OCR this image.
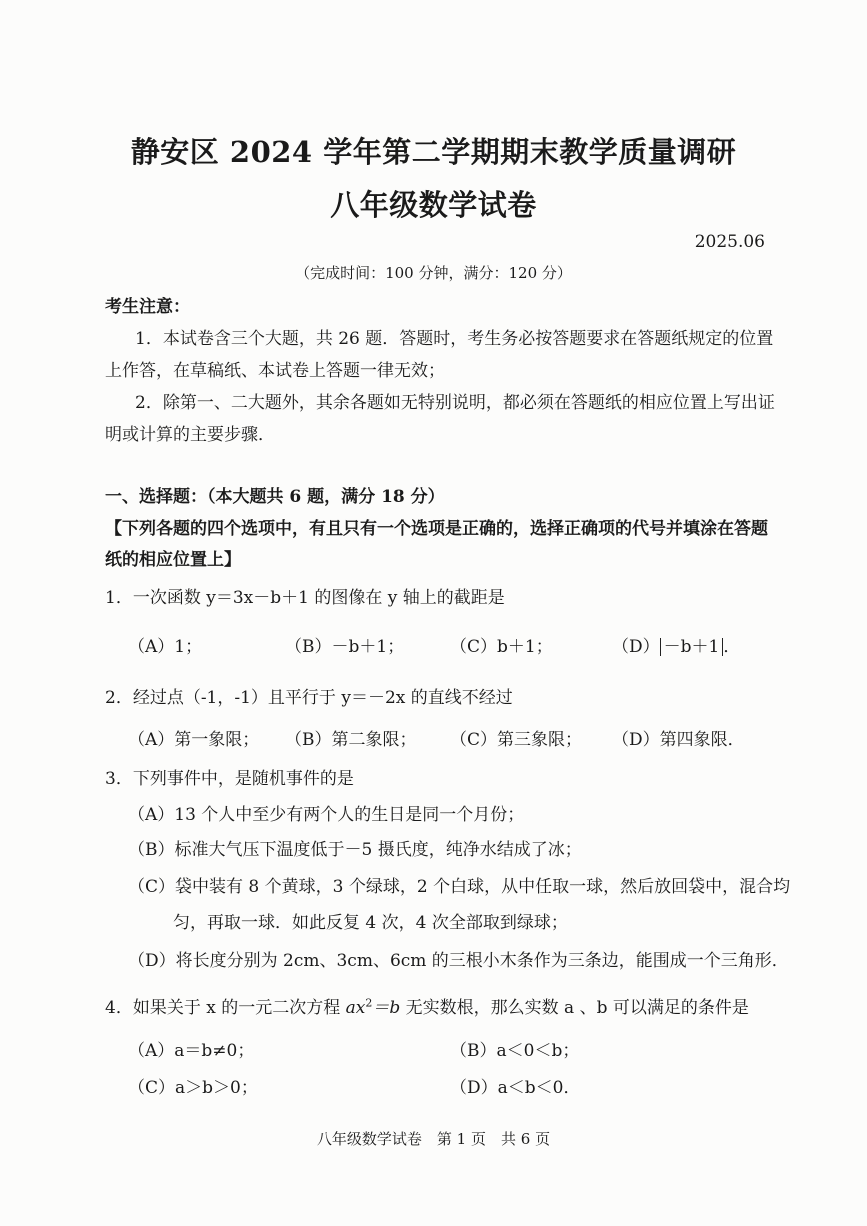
静安区 2024 学年第二学期期末教学质量调研
八年级数学试卷
2025.06
（完成时间：100 分钟，满分：120 分）
考生注意：
1．本试卷含三个大题，共 26 题．答题时，考生务必按答题要求在答题纸规定的位置
上作答，在草稿纸、本试卷上答题一律无效；
2．除第一、二大题外，其余各题如无特别说明，都必须在答题纸的相应位置上写出证
明或计算的主要步骤．
一、选择题：（本大题共 6 题，满分 18 分）
【下列各题的四个选项中，有且只有一个选项是正确的，选择正确项的代号并填涂在答题
纸的相应位置上】
1．一次函数 y＝3x－b＋1 的图像在 y 轴上的截距是
（A）1；	（B）－b＋1；	（C）b＋1；	（D） －b＋1 ．
2．经过点（-1，-1）且平行于 y＝－2x 的直线不经过
（A）第一象限； （B）第二象限； （C）第三象限； （D）第四象限．
3．下列事件中，是随机事件的是
（A）13 个人中至少有两个人的生日是同一个月份；
（B）标准大气压下温度低于－5 摄氏度，纯净水结成了冰；
（C）袋中装有 8 个黄球，3 个绿球，2 个白球，从中任取一球，然后放回袋中，混合均
匀，再取一球．如此反复 4 次，4 次全部取到绿球；
（D）将长度分别为 2cm、3cm、6cm 的三根小木条作为三条边，能围成一个三角形．
4．如果关于 x 的一元二次方程 $ax^2=b$ 无实数根，那么实数 a 、b 可以满足的条件是
（A）a＝b≠0；	（B）a＜0＜b；
（C）a＞b＞0；	（D）a＜b＜0．
八年级数学试卷　第 1 页　共 6 页
